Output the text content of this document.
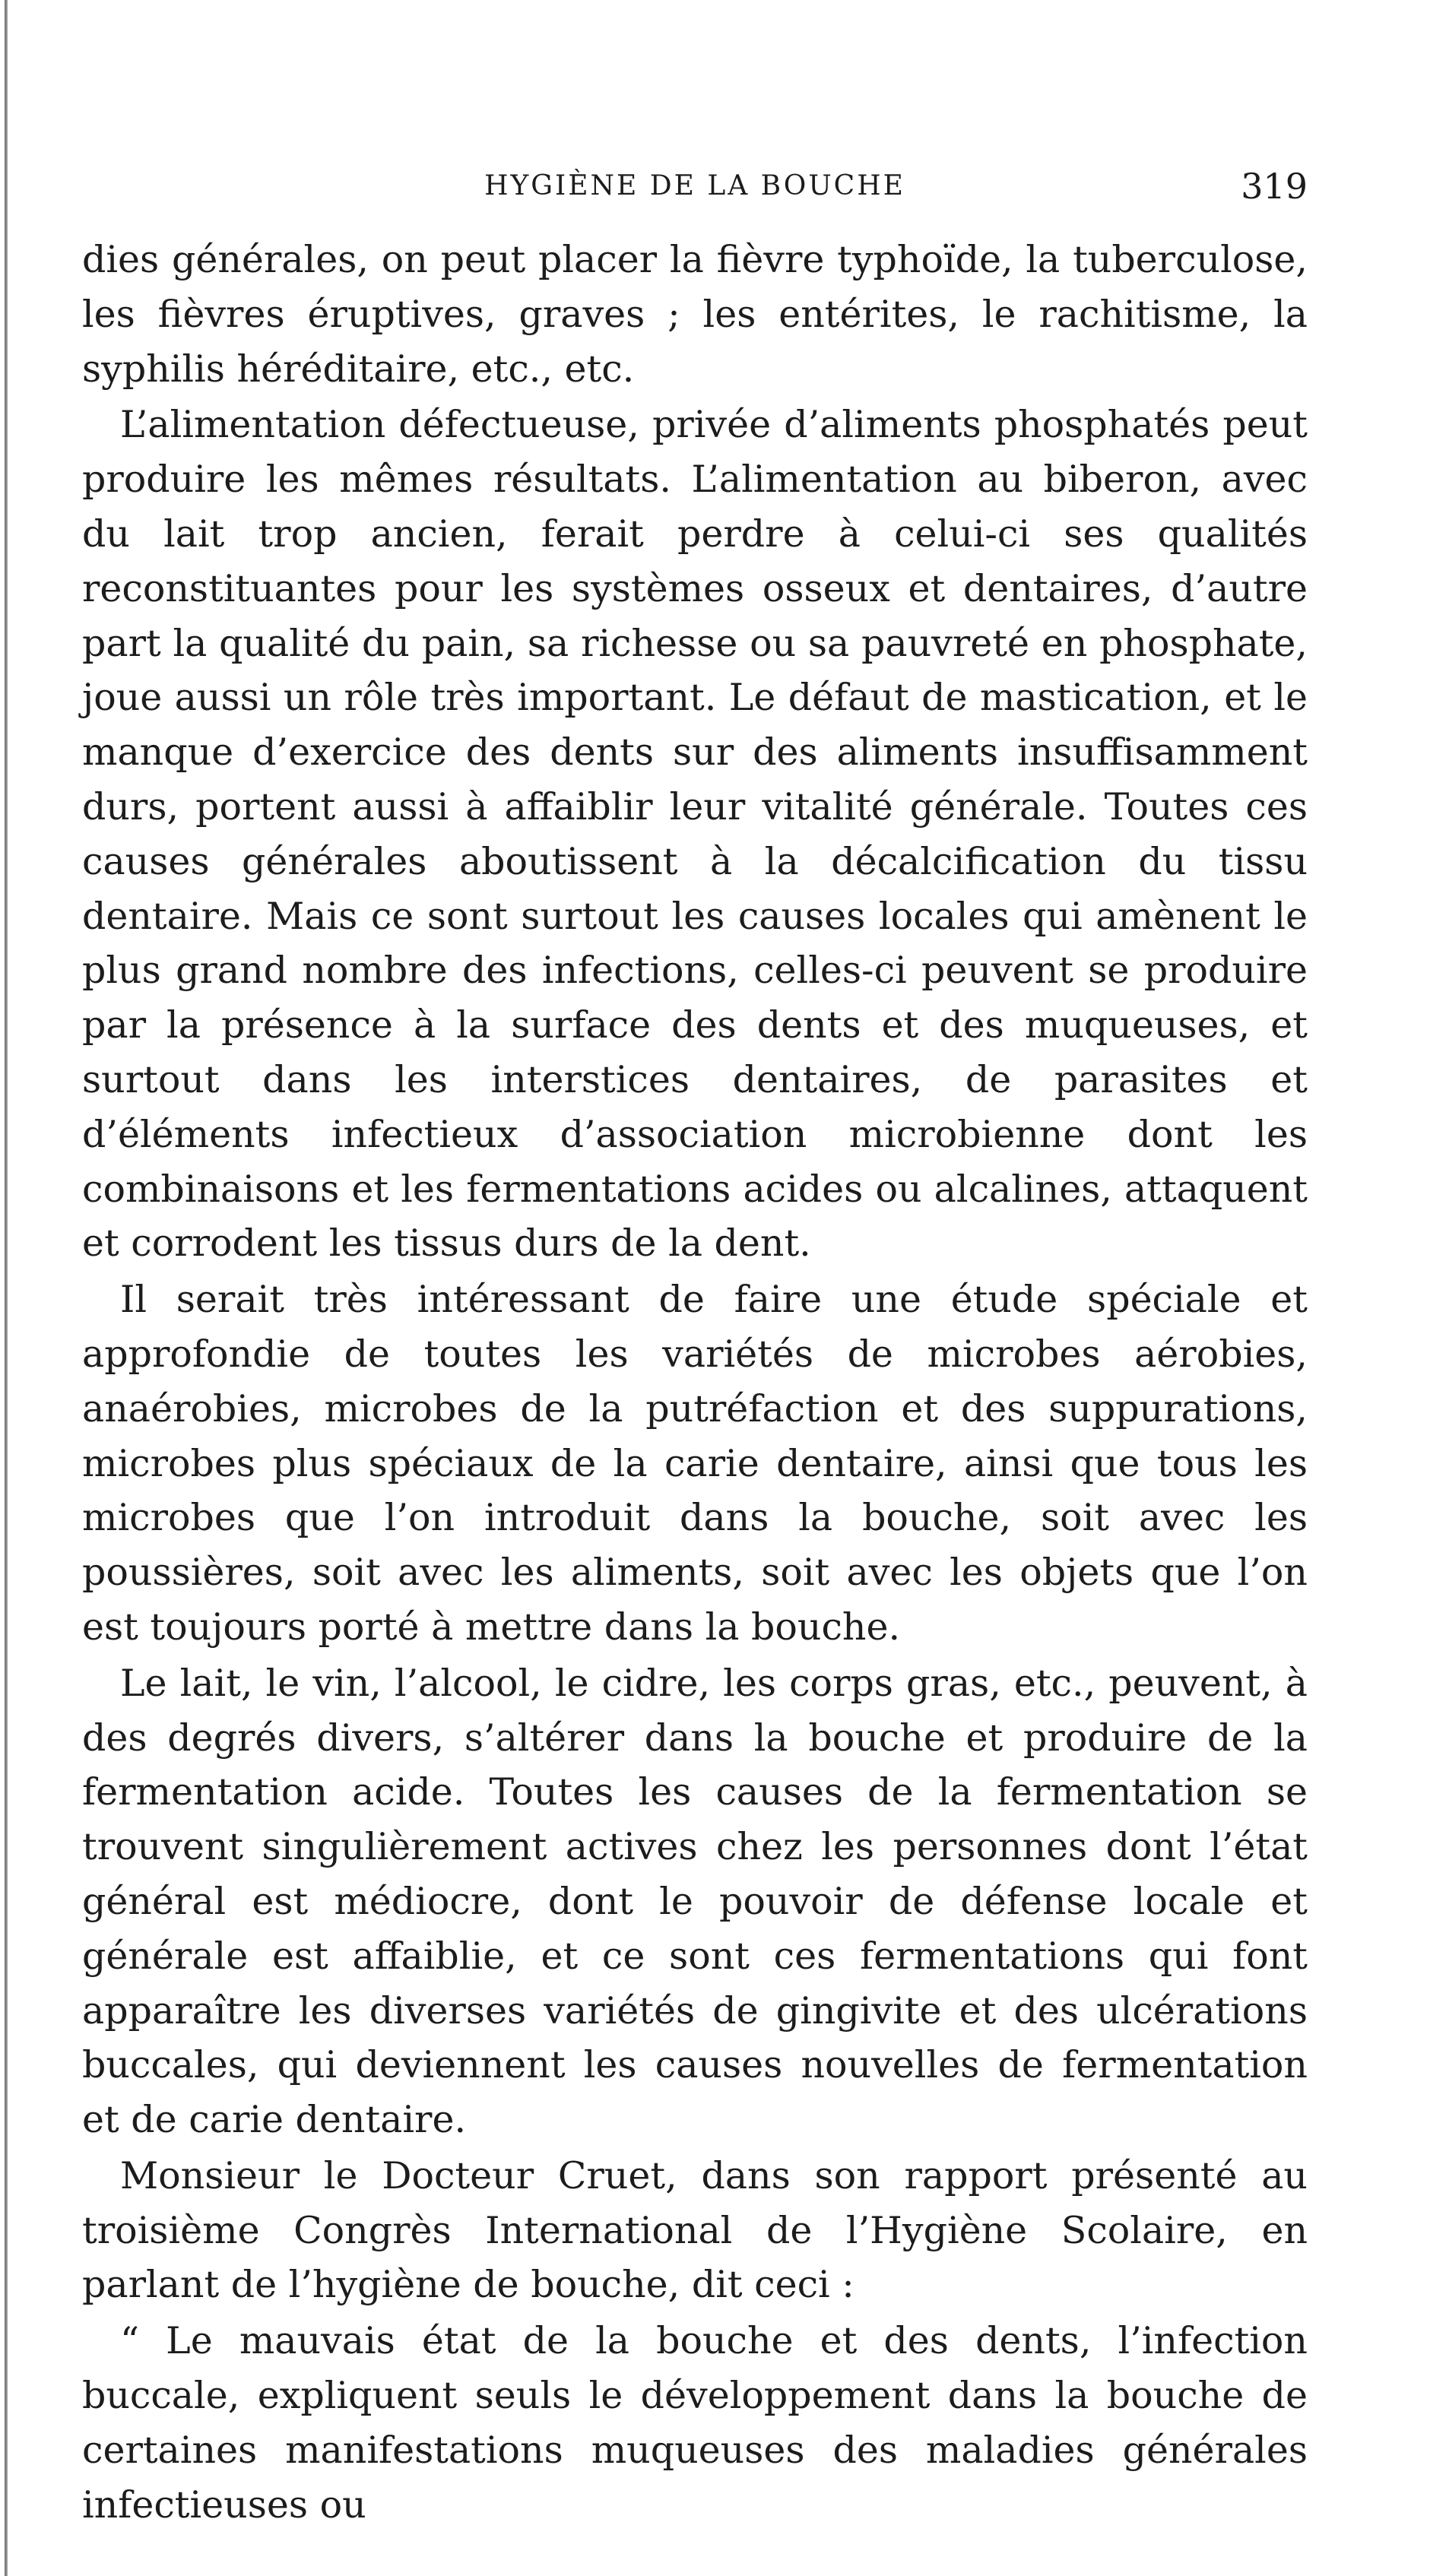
HYGIÈNE DE LA BOUCHE	319

dies générales, on peut placer la fièvre typhoïde, la tuberculose, les fièvres éruptives, graves ; les entérites, le rachitisme, la syphilis héréditaire, etc., etc.

L’alimentation défectueuse, privée d’aliments phosphatés peut produire les mêmes résultats. L’alimentation au biberon, avec du lait trop ancien, ferait perdre à celui-ci ses qualités reconstituantes pour les systèmes osseux et dentaires, d’autre part la qualité du pain, sa richesse ou sa pauvreté en phosphate, joue aussi un rôle très important. Le défaut de mastication, et le manque d’exercice des dents sur des aliments insuffisamment durs, portent aussi à affaiblir leur vitalité générale. Toutes ces causes générales aboutissent à la décalcification du tissu dentaire. Mais ce sont surtout les causes locales qui amènent le plus grand nombre des infections, celles-ci peuvent se produire par la présence à la surface des dents et des muqueuses, et surtout dans les interstices dentaires, de parasites et d’éléments infectieux d’association microbienne dont les combinaisons et les fermentations acides ou alcalines, attaquent et corrodent les tissus durs de la dent.

Il serait très intéressant de faire une étude spéciale et approfondie de toutes les variétés de microbes aérobies, anaérobies, microbes de la putréfaction et des suppurations, microbes plus spéciaux de la carie dentaire, ainsi que tous les microbes que l’on introduit dans la bouche, soit avec les poussières, soit avec les aliments, soit avec les objets que l’on est toujours porté à mettre dans la bouche.

Le lait, le vin, l’alcool, le cidre, les corps gras, etc., peuvent, à des degrés divers, s’altérer dans la bouche et produire de la fermentation acide. Toutes les causes de la fermentation se trouvent singulièrement actives chez les personnes dont l’état général est médiocre, dont le pouvoir de défense locale et générale est affaiblie, et ce sont ces fermentations qui font apparaître les diverses variétés de gingivite et des ulcérations buccales, qui deviennent les causes nouvelles de fermentation et de carie dentaire.

Monsieur le Docteur Cruet, dans son rapport présenté au troisième Congrès International de l’Hygiène Scolaire, en parlant de l’hygiène de bouche, dit ceci :

“ Le mauvais état de la bouche et des dents, l’infection buccale, expliquent seuls le développement dans la bouche de certaines manifestations muqueuses des maladies générales infectieuses ou
